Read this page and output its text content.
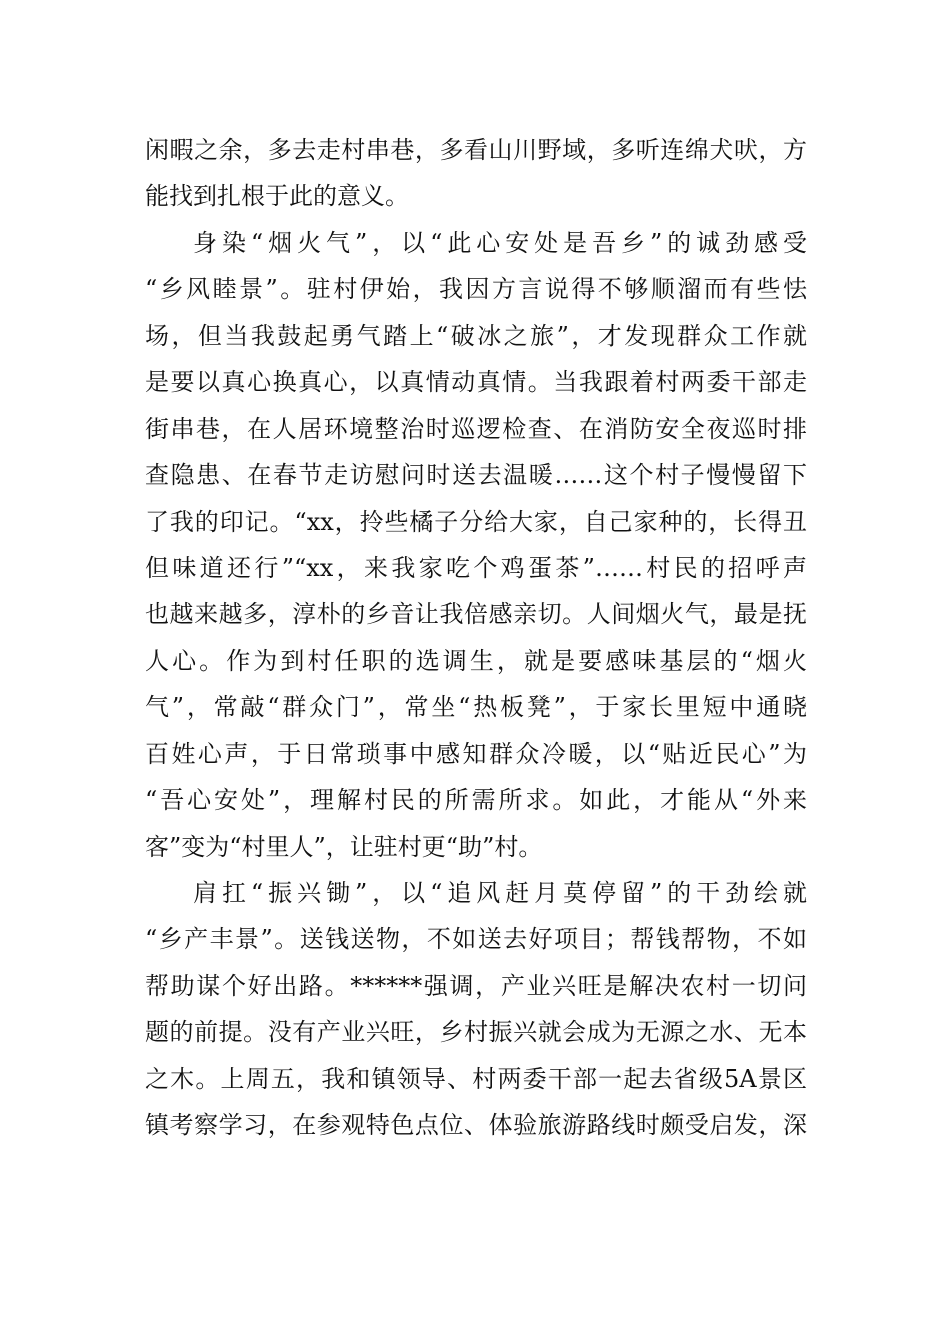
闲暇之余，多去走村串巷，多看山川野域，多听连绵犬吠，方
能找到扎根于此的意义。
身染“烟火气”，以“此心安处是吾乡”的诚劲感受
“乡风睦景”。驻村伊始，我因方言说得不够顺溜而有些怯
场，但当我鼓起勇气踏上“破冰之旅”，才发现群众工作就
是要以真心换真心，以真情动真情。当我跟着村两委干部走
街串巷，在人居环境整治时巡逻检查、在消防安全夜巡时排
查隐患、在春节走访慰问时送去温暖……这个村子慢慢留下
了我的印记。“xx，拎些橘子分给大家，自己家种的，长得丑
但味道还行”“xx，来我家吃个鸡蛋茶”……村民的招呼声
也越来越多，淳朴的乡音让我倍感亲切。人间烟火气，最是抚
人心。作为到村任职的选调生，就是要感味基层的“烟火
气”，常敲“群众门”，常坐“热板凳”，于家长里短中通晓
百姓心声，于日常琐事中感知群众冷暖，以“贴近民心”为
“吾心安处”，理解村民的所需所求。如此，才能从“外来
客”变为“村里人”，让驻村更“助”村。
肩扛“振兴锄”，以“追风赶月莫停留”的干劲绘就
“乡产丰景”。送钱送物，不如送去好项目；帮钱帮物，不如
帮助谋个好出路。******强调，产业兴旺是解决农村一切问
题的前提。没有产业兴旺，乡村振兴就会成为无源之水、无本
之木。上周五，我和镇领导、村两委干部一起去省级5A景区
镇考察学习，在参观特色点位、体验旅游路线时颇受启发，深
